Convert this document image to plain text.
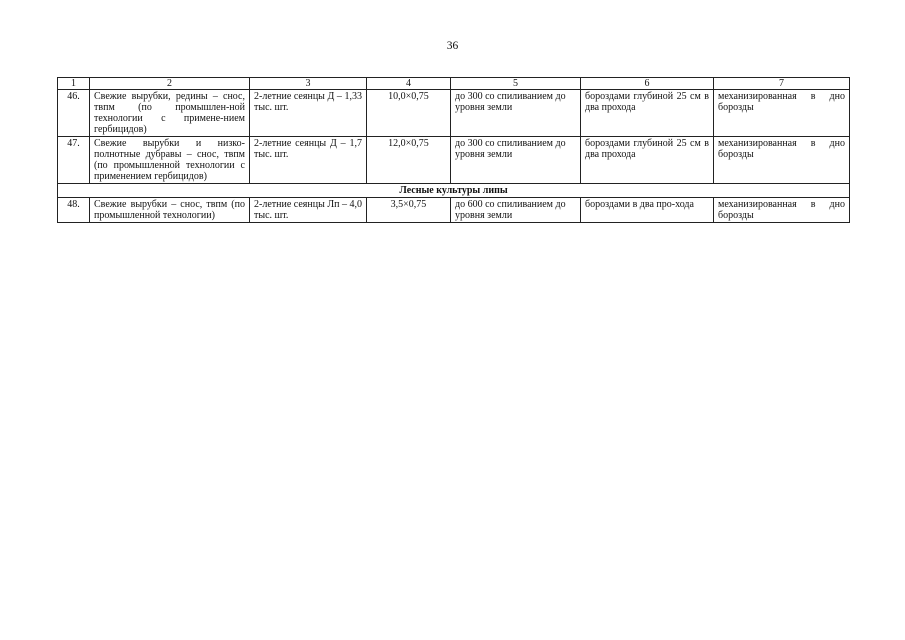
36
1	2	3	4	5	6	7
46.	Свежие вырубки, редины – снос, твпм (по промышлен-ной технологии с примене-нием гербицидов)	2-летние сеянцы Д – 1,33 тыс. шт.	10,0×0,75	до 300 со спиливанием до уровня земли	бороздами глубиной 25 см в два прохода	механизированная в дно борозды
47.	Свежие вырубки и низко-полнотные дубравы – снос, твпм (по промышленной технологии с применением гербицидов)	2-летние сеянцы Д – 1,7 тыс. шт.	12,0×0,75	до 300 со спиливанием до уровня земли	бороздами глубиной 25 см в два прохода	механизированная в дно борозды
Лесные культуры липы						
48.	Свежие вырубки – снос, твпм (по промышленной технологии)	2-летние сеянцы Лп – 4,0 тыс. шт.	3,5×0,75	до 600 со спиливанием до уровня земли	бороздами в два про-хода	механизированная в дно борозды
